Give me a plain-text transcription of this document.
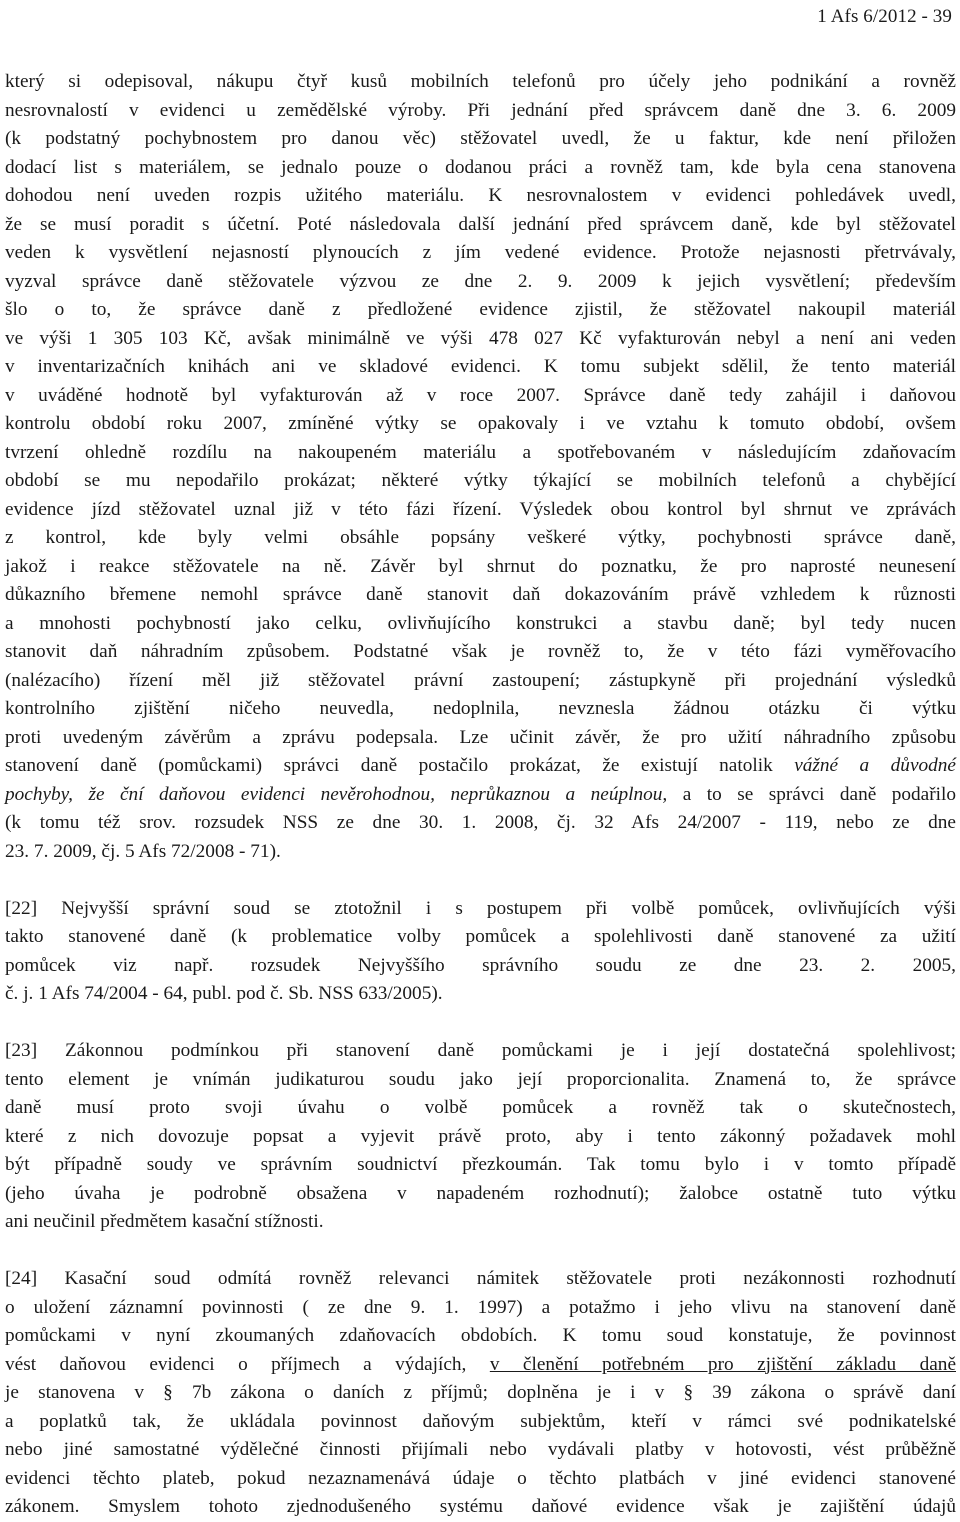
1 Afs 6/2012 - 39
který si odepisoval, nákupu čtyř kusů mobilních telefonů pro účely jeho podnikání a rovněž
nesrovnalostí v evidenci u zemědělské výroby. Při jednání před správcem daně dne 3. 6. 2009
(k podstatný pochybnostem pro danou věc) stěžovatel uvedl, že u faktur, kde není přiložen
dodací list s materiálem, se jednalo pouze o dodanou práci a rovněž tam, kde byla cena stanovena
dohodou není uveden rozpis užitého materiálu. K nesrovnalostem v evidenci pohledávek uvedl,
že se musí poradit s účetní. Poté následovala další jednání před správcem daně, kde byl stěžovatel
veden k vysvětlení nejasností plynoucích z jím vedené evidence. Protože nejasnosti přetrvávaly,
vyzval správce daně stěžovatele výzvou ze dne 2. 9. 2009 k jejich vysvětlení; především
šlo o to, že správce daně z předložené evidence zjistil, že stěžovatel nakoupil materiál
ve výši 1 305 103 Kč, avšak minimálně ve výši 478 027 Kč vyfakturován nebyl a není ani veden
v inventarizačních knihách ani ve skladové evidenci. K tomu subjekt sdělil, že tento materiál
v uváděné hodnotě byl vyfakturován až v roce 2007. Správce daně tedy zahájil i daňovou
kontrolu období roku 2007, zmíněné výtky se opakovaly i ve vztahu k tomuto období, ovšem
tvrzení ohledně rozdílu na nakoupeném materiálu a spotřebovaném v následujícím zdaňovacím
období se mu nepodařilo prokázat; některé výtky týkající se mobilních telefonů a chybějící
evidence jízd stěžovatel uznal již v této fázi řízení. Výsledek obou kontrol byl shrnut ve zprávách
z kontrol, kde byly velmi obsáhle popsány veškeré výtky, pochybnosti správce daně,
jakož i reakce stěžovatele na ně. Závěr byl shrnut do poznatku, že pro naprosté neunesení
důkazního břemene nemohl správce daně stanovit daň dokazováním právě vzhledem k různosti
a mnohosti pochybností jako celku, ovlivňujícího konstrukci a stavbu daně; byl tedy nucen
stanovit daň náhradním způsobem. Podstatné však je rovněž to, že v této fázi vyměřovacího
(nalézacího) řízení měl již stěžovatel právní zastoupení; zástupkyně při projednání výsledků
kontrolního zjištění ničeho neuvedla, nedoplnila, nevznesla žádnou otázku či výtku
proti uvedeným závěrům a zprávu podepsala. Lze učinit závěr, že pro užití náhradního způsobu
stanovení daně (pomůckami) správci daně postačilo prokázat, že existují natolik vážné a důvodné
pochyby, že ční daňovou evidenci nevěrohodnou, neprůkaznou a neúplnou, a to se správci daně podařilo
(k tomu též srov. rozsudek NSS ze dne 30. 1. 2008, čj. 32 Afs 24/2007 - 119, nebo ze dne
23. 7. 2009, čj. 5 Afs 72/2008 - 71).
[22] Nejvyšší správní soud se ztotožnil i s postupem při volbě pomůcek, ovlivňujících výši
takto stanovené daně (k problematice volby pomůcek a spolehlivosti daně stanovené za užití
pomůcek viz např. rozsudek Nejvyššího správního soudu ze dne 23. 2. 2005,
č. j. 1 Afs 74/2004 - 64, publ. pod č. Sb. NSS 633/2005).
[23] Zákonnou podmínkou při stanovení daně pomůckami je i její dostatečná spolehlivost;
tento element je vnímán judikaturou soudu jako její proporcionalita. Znamená to, že správce
daně musí proto svoji úvahu o volbě pomůcek a rovněž tak o skutečnostech,
které z nich dovozuje popsat a vyjevit právě proto, aby i tento zákonný požadavek mohl
být případně soudy ve správním soudnictví přezkoumán. Tak tomu bylo i v tomto případě
(jeho úvaha je podrobně obsažena v napadeném rozhodnutí); žalobce ostatně tuto výtku
ani neučinil předmětem kasační stížnosti.
[24] Kasační soud odmítá rovněž relevanci námitek stěžovatele proti nezákonnosti rozhodnutí
o uložení záznamní povinnosti ( ze dne 9. 1. 1997) a potažmo i jeho vlivu na stanovení daně
pomůckami v nyní zkoumaných zdaňovacích obdobích. K tomu soud konstatuje, že povinnost
vést daňovou evidenci o příjmech a výdajích, v členění potřebném pro zjištění základu daně
je stanovena v § 7b zákona o daních z příjmů; doplněna je i v § 39 zákona o správě daní
a poplatků tak, že ukládala povinnost daňovým subjektům, kteří v rámci své podnikatelské
nebo jiné samostatné výdělečné činnosti přijímali nebo vydávali platby v hotovosti, vést průběžně
evidenci těchto plateb, pokud nezaznamenává údaje o těchto platbách v jiné evidenci stanovené
zákonem. Smyslem tohoto zjednodušeného systému daňové evidence však je zajištění údajů
